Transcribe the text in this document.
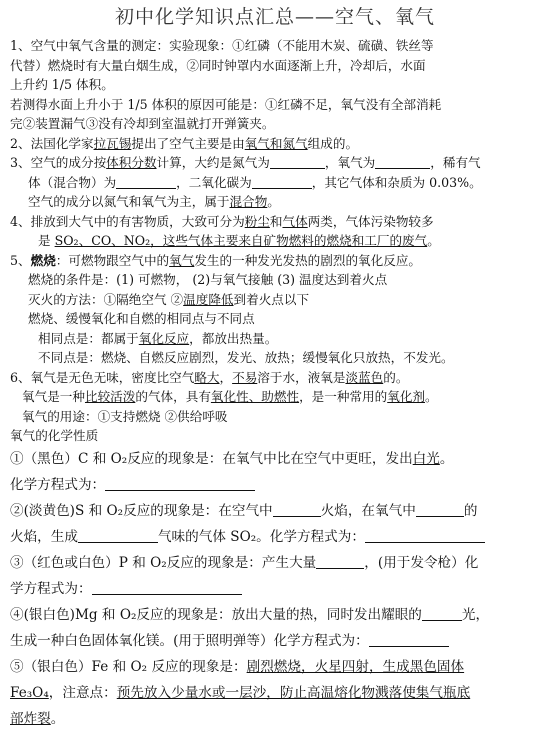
初中化学知识点汇总——空气、氧气

1、空气中氧气含量的测定：实验现象：①红磷（不能用木炭、硫磺、铁丝等

代替）燃烧时有大量白烟生成，②同时钟罩内水面逐渐上升，冷却后，水面

上升约 1/5 体积。

若测得水面上升小于 1/5 体积的原因可能是：①红磷不足，氧气没有全部消耗

完②装置漏气③没有冷却到室温就打开弹簧夹。

2、法国化学家拉瓦锡提出了空气主要是由氧气和氮气组成的。

3、空气的成分按体积分数计算，大约是氮气为	，氧气为	，稀有气

体（混合物）为	，二氧化碳为	，其它气体和杂质为 0.03%。

空气的成分以氮气和氧气为主，属于混合物。

4、排放到大气中的有害物质，大致可分为粉尘和气体两类，气体污染物较多

是 SO₂、CO、NO₂，这些气体主要来自矿物燃料的燃烧和工厂的废气。

5、燃烧：可燃物跟空气中的氧气发生的一种发光发热的剧烈的氧化反应。

燃烧的条件是：(1) 可燃物， (2)与氧气接触 (3) 温度达到着火点

灭火的方法：①隔绝空气 ②温度降低到着火点以下

燃烧、缓慢氧化和自燃的相同点与不同点

相同点是：都属于氧化反应，都放出热量。

不同点是：燃烧、自燃反应剧烈，发光、放热；缓慢氧化只放热，不发光。

6、氧气是无色无味，密度比空气略大，不易溶于水，液氧是淡蓝色的。

氧气是一种比较活泼的气体，具有氧化性、助燃性，是一种常用的氧化剂。

氧气的用途：①支持燃烧 ②供给呼吸

氧气的化学性质

①（黑色）C 和 O₂反应的现象是：在氧气中比在空气中更旺，发出白光。

化学方程式为：

②(淡黄色)S 和 O₂反应的现象是：在空气中	火焰，在氧气中	的

火焰，生成	气味的气体 SO₂。化学方程式为：

③（红色或白色）P 和 O₂反应的现象是：产生大量	，(用于发令枪）化

学方程式为：

④(银白色)Mg 和 O₂反应的现象是：放出大量的热，同时发出耀眼的	光，

生成一种白色固体氧化镁。(用于照明弹等）化学方程式为：

⑤（银白色）Fe 和 O₂ 反应的现象是：剧烈燃烧，火星四射，生成黑色固体

Fe₃O₄，注意点：预先放入少量水或一层沙，防止高温熔化物溅落使集气瓶底

部炸裂。
